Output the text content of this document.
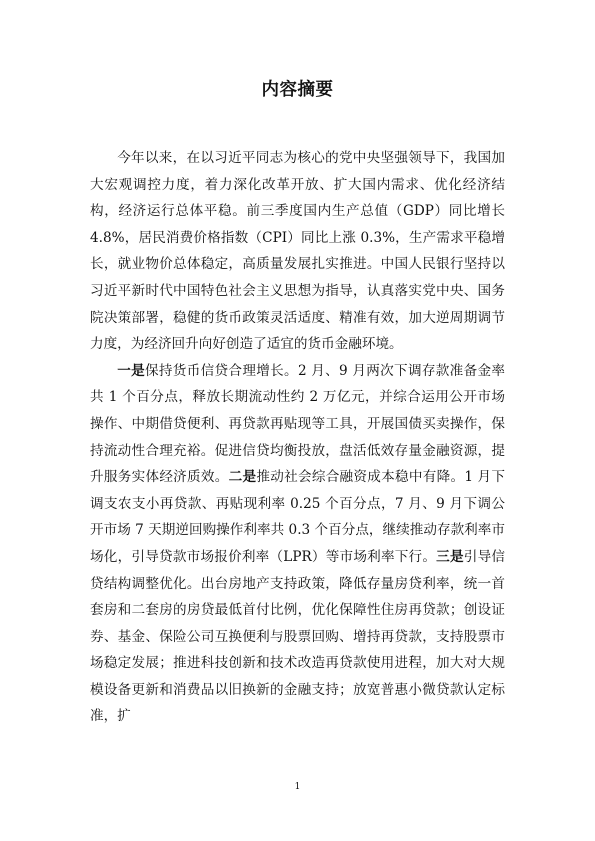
内容摘要

今年以来，在以习近平同志为核心的党中央坚强领导下，我国加大宏观调控力度，着力深化改革开放、扩大国内需求、优化经济结构，经济运行总体平稳。前三季度国内生产总值（GDP）同比增长 4.8%，居民消费价格指数（CPI）同比上涨 0.3%，生产需求平稳增长，就业物价总体稳定，高质量发展扎实推进。中国人民银行坚持以习近平新时代中国特色社会主义思想为指导，认真落实党中央、国务院决策部署，稳健的货币政策灵活适度、精准有效，加大逆周期调节力度，为经济回升向好创造了适宜的货币金融环境。

一是保持货币信贷合理增长。2 月、9 月两次下调存款准备金率共 1 个百分点，释放长期流动性约 2 万亿元，并综合运用公开市场操作、中期借贷便利、再贷款再贴现等工具，开展国债买卖操作，保持流动性合理充裕。促进信贷均衡投放，盘活低效存量金融资源，提升服务实体经济质效。二是推动社会综合融资成本稳中有降。1 月下调支农支小再贷款、再贴现利率 0.25 个百分点，7 月、9 月下调公开市场 7 天期逆回购操作利率共 0.3 个百分点，继续推动存款利率市场化，引导贷款市场报价利率（LPR）等市场利率下行。三是引导信贷结构调整优化。出台房地产支持政策，降低存量房贷利率，统一首套房和二套房的房贷最低首付比例，优化保障性住房再贷款；创设证券、基金、保险公司互换便利与股票回购、增持再贷款，支持股票市场稳定发展；推进科技创新和技术改造再贷款使用进程，加大对大规模设备更新和消费品以旧换新的金融支持；放宽普惠小微贷款认定标准，扩

1
